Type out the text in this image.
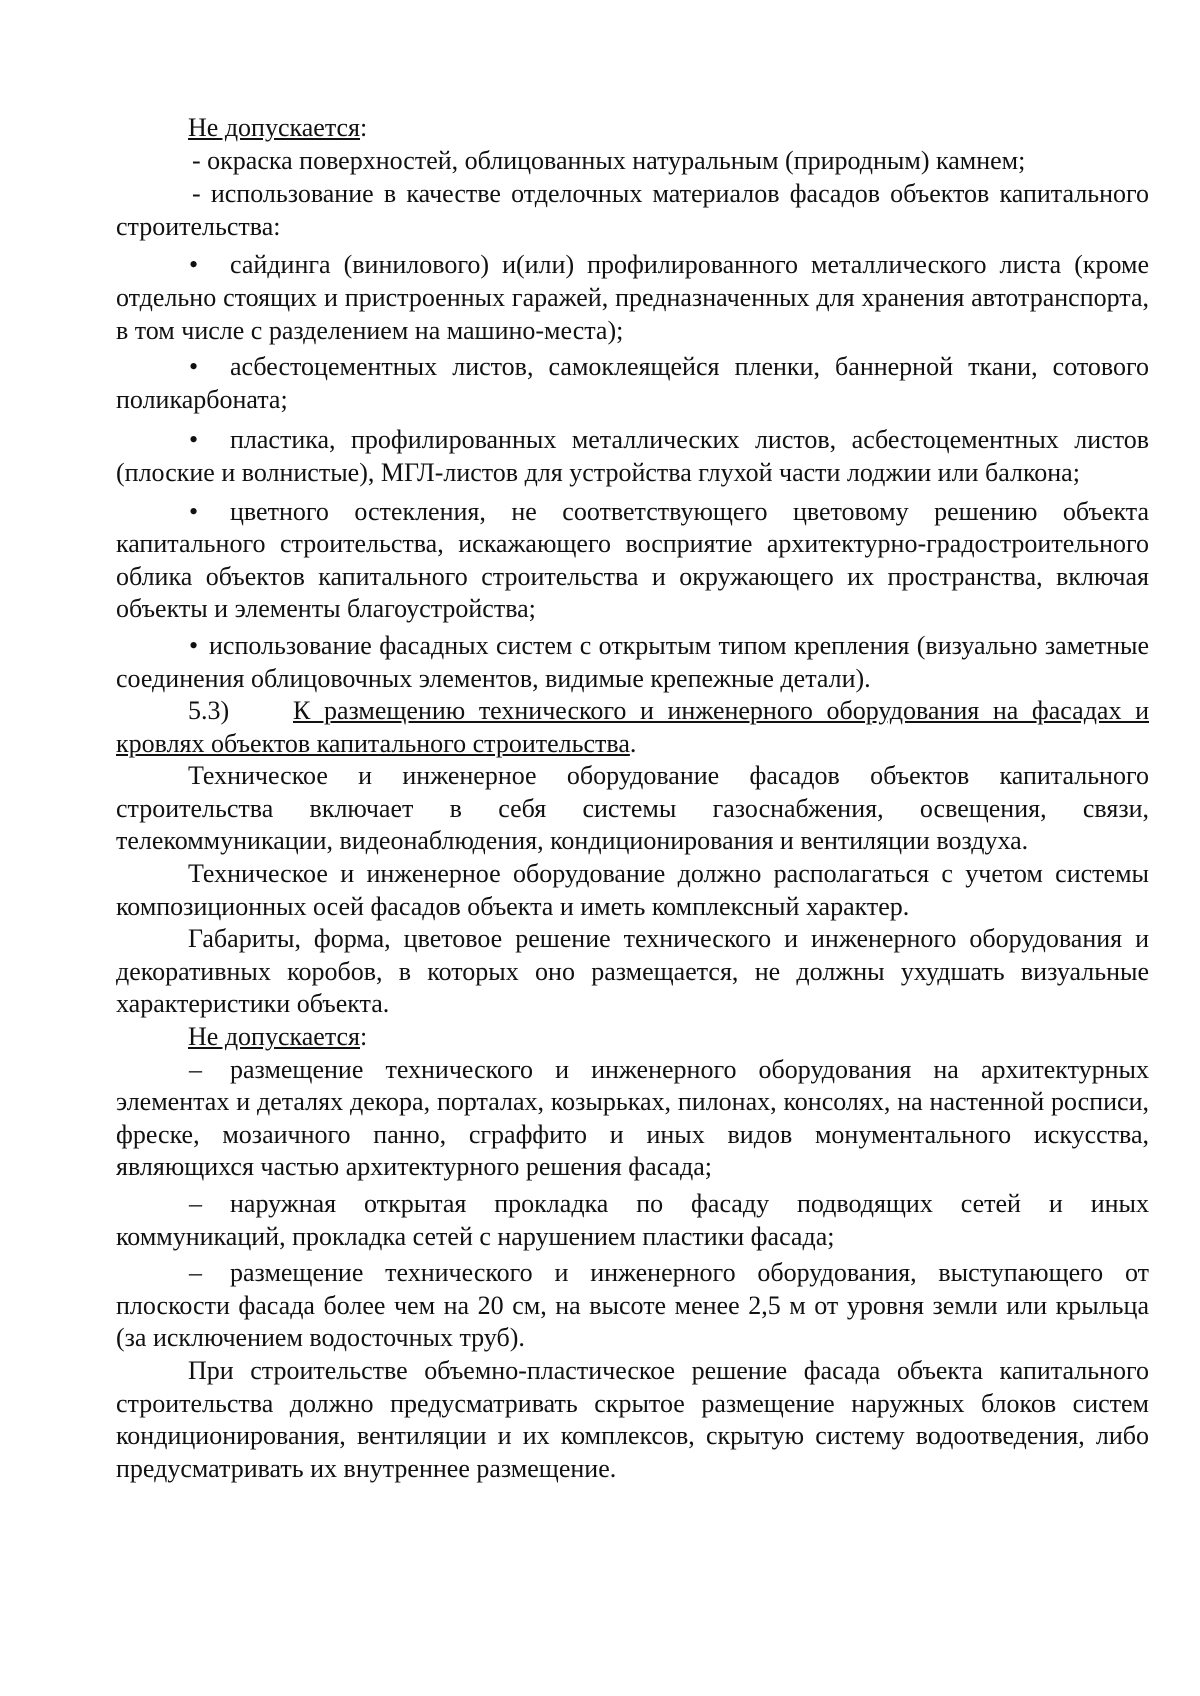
Не допускается:

- окраска поверхностей, облицованных натуральным (природным) камнем;

- использование в качестве отделочных материалов фасадов объектов капитального строительства:

• сайдинга (винилового) и(или) профилированного металлического листа (кроме отдельно стоящих и пристроенных гаражей, предназначенных для хранения автотранспорта, в том числе с разделением на машино-места);

• асбестоцементных листов, самоклеящейся пленки, баннерной ткани, сотового поликарбоната;

• пластика, профилированных металлических листов, асбестоцементных листов (плоские и волнистые), МГЛ-листов для устройства глухой части лоджии или балкона;

• цветного остекления, не соответствующего цветовому решению объекта капитального строительства, искажающего восприятие архитектурно-градостроительного облика объектов капитального строительства и окружающего их пространства, включая объекты и элементы благоустройства;

• использование фасадных систем с открытым типом крепления (визуально заметные соединения облицовочных элементов, видимые крепежные детали).

5.3) К размещению технического и инженерного оборудования на фасадах и кровлях объектов капитального строительства.

Техническое и инженерное оборудование фасадов объектов капитального строительства включает в себя системы газоснабжения, освещения, связи, телекоммуникации, видеонаблюдения, кондиционирования и вентиляции воздуха.

Техническое и инженерное оборудование должно располагаться с учетом системы композиционных осей фасадов объекта и иметь комплексный характер.

Габариты, форма, цветовое решение технического и инженерного оборудования и декоративных коробов, в которых оно размещается, не должны ухудшать визуальные характеристики объекта.

Не допускается:

– размещение технического и инженерного оборудования на архитектурных элементах и деталях декора, порталах, козырьках, пилонах, консолях, на настенной росписи, фреске, мозаичного панно, сграффито и иных видов монументального искусства, являющихся частью архитектурного решения фасада;

– наружная открытая прокладка по фасаду подводящих сетей и иных коммуникаций, прокладка сетей с нарушением пластики фасада;

– размещение технического и инженерного оборудования, выступающего от плоскости фасада более чем на 20 см, на высоте менее 2,5 м от уровня земли или крыльца (за исключением водосточных труб).

При строительстве объемно-пластическое решение фасада объекта капитального строительства должно предусматривать скрытое размещение наружных блоков систем кондиционирования, вентиляции и их комплексов, скрытую систему водоотведения, либо предусматривать их внутреннее размещение.
